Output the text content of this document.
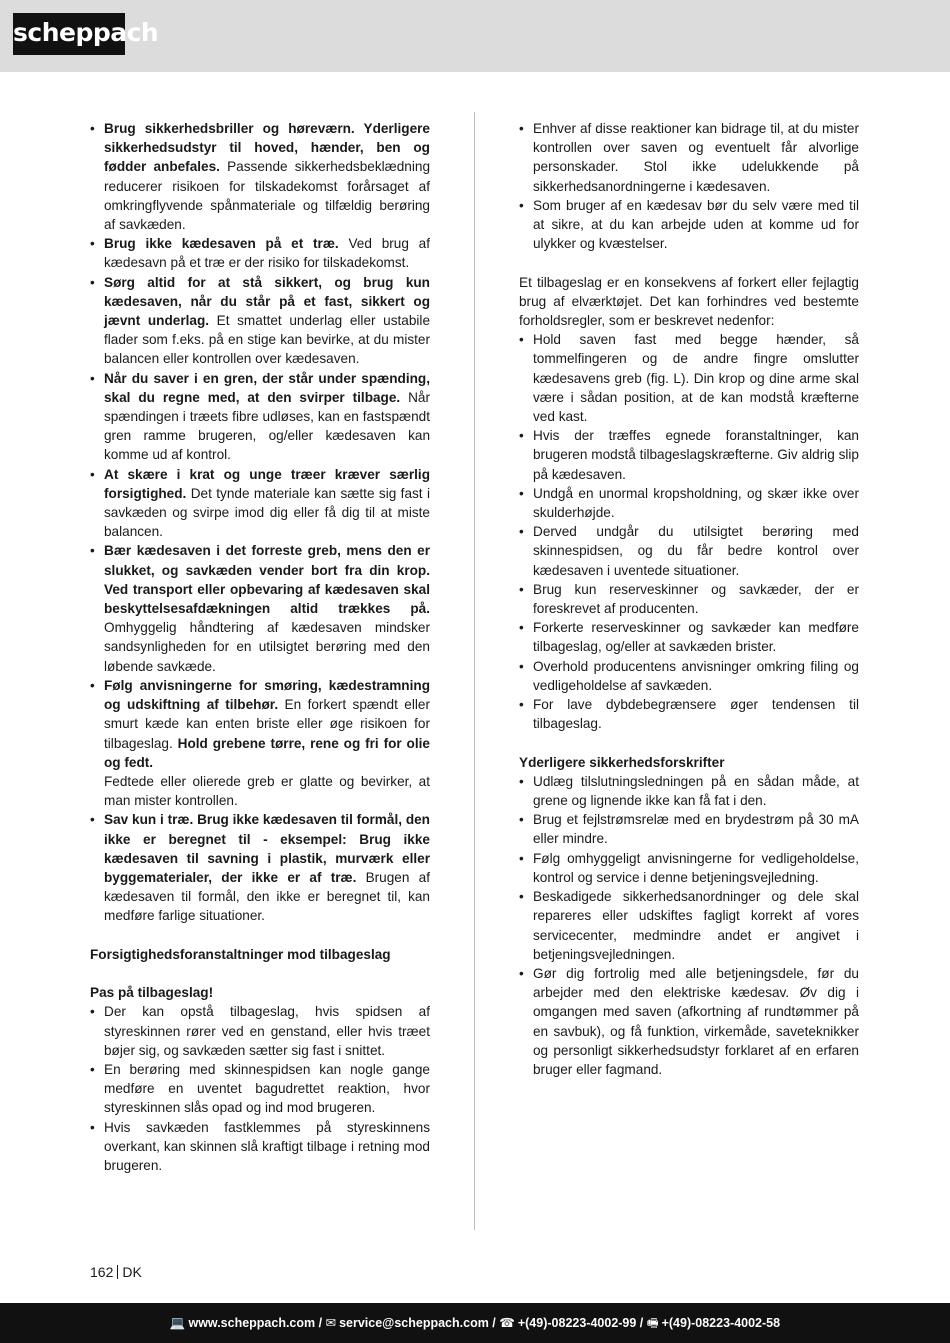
scheppach
• Brug sikkerhedsbriller og høreværn. Yderligere sikkerhedsudstyr til hoved, hænder, ben og fødder anbefales. Passende sikkerhedsbeklædning reducerer risikoen for tilskadekomst forårsaget af omkringflyvende spånmateriale og tilfældig berøring af savkæden.
• Brug ikke kædesaven på et træ. Ved brug af kædesavn på et træ er der risiko for tilskadekomst.
• Sørg altid for at stå sikkert, og brug kun kædesaven, når du står på et fast, sikkert og jævnt underlag. Et smattet underlag eller ustabile flader som f.eks. på en stige kan bevirke, at du mister balancen eller kontrollen over kædesaven.
• Når du saver i en gren, der står under spænding, skal du regne med, at den svirper tilbage. Når spændingen i træets fibre udløses, kan en fastspændt gren ramme brugeren, og/eller kædesaven kan komme ud af kontrol.
• At skære i krat og unge træer kræver særlig forsigtighed. Det tynde materiale kan sætte sig fast i savkæden og svirpe imod dig eller få dig til at miste balancen.
• Bær kædesaven i det forreste greb, mens den er slukket, og savkæden vender bort fra din krop. Ved transport eller opbevaring af kædesaven skal beskyttelsesafdækningen altid trækkes på. Omhyggelig håndtering af kædesaven mindsker sandsynligheden for en utilsigtet berøring med den løbende savkæde.
• Følg anvisningerne for smøring, kædestramning og udskiftning af tilbehør. En forkert spændt eller smurt kæde kan enten briste eller øge risikoen for tilbageslag. Hold grebene tørre, rene og fri for olie og fedt.

Fedtede eller olierede greb er glatte og bevirker, at man mister kontrollen.

• Sav kun i træ. Brug ikke kædesaven til formål, den ikke er beregnet til - eksempel: Brug ikke kædesaven til savning i plastik, murværk eller byggematerialer, der ikke er af træ. Brugen af kædesaven til formål, den ikke er beregnet til, kan medføre farlige situationer.

Forsigtighedsforanstaltninger mod tilbageslag

Pas på tilbageslag!

• Der kan opstå tilbageslag, hvis spidsen af styreskinnen rører ved en genstand, eller hvis træet bøjer sig, og savkæden sætter sig fast i snittet.
• En berøring med skinnespidsen kan nogle gange medføre en uventet bagudrettet reaktion, hvor styreskinnen slås opad og ind mod brugeren.
• Hvis savkæden fastklemmes på styreskinnens overkant, kan skinnen slå kraftigt tilbage i retning mod brugeren.
• Enhver af disse reaktioner kan bidrage til, at du mister kontrollen over saven og eventuelt får alvorlige personskader. Stol ikke udelukkende på sikkerhedsanordningerne i kædesaven.
• Som bruger af en kædesav bør du selv være med til at sikre, at du kan arbejde uden at komme ud for ulykker og kvæstelser.

Et tilbageslag er en konsekvens af forkert eller fejlagtig brug af elværktøjet. Det kan forhindres ved bestemte forholdsregler, som er beskrevet nedenfor:

• Hold saven fast med begge hænder, så tommelfingeren og de andre fingre omslutter kædesavens greb (fig. L). Din krop og dine arme skal være i sådan position, at de kan modstå kræfterne ved kast.
• Hvis der træffes egnede foranstaltninger, kan brugeren modstå tilbageslagskræfterne. Giv aldrig slip på kædesaven.
• Undgå en unormal kropsholdning, og skær ikke over skulderhøjde.
• Derved undgår du utilsigtet berøring med skinnespidsen, og du får bedre kontrol over kædesaven i uventede situationer.
• Brug kun reserveskinner og savkæder, der er foreskrevet af producenten.
• Forkerte reserveskinner og savkæder kan medføre tilbageslag, og/eller at savkæden brister.
• Overhold producentens anvisninger omkring filing og vedligeholdelse af savkæden.
• For lave dybdebegrænsere øger tendensen til tilbageslag.

Yderligere sikkerhedsforskrifter

• Udlæg tilslutningsledningen på en sådan måde, at grene og lignende ikke kan få fat i den.
• Brug et fejlstrømsrelæ med en brydestrøm på 30 mA eller mindre.
• Følg omhyggeligt anvisningerne for vedligeholdelse, kontrol og service i denne betjeningsvejledning.
• Beskadigede sikkerhedsanordninger og dele skal repareres eller udskiftes fagligt korrekt af vores servicecenter, medmindre andet er angivet i betjeningsvejledningen.
• Gør dig fortrolig med alle betjeningsdele, før du arbejder med den elektriske kædesav. Øv dig i omgangen med saven (afkortning af rundtømmer på en savbuk), og få funktion, virkemåde, saveteknikker og personligt sikkerhedsudstyr forklaret af en erfaren bruger eller fagmand.
162 DK
💻 www.scheppach.com / ✉ service@scheppach.com / ☎ +(49)-08223-4002-99 / 🖷 +(49)-08223-4002-58
